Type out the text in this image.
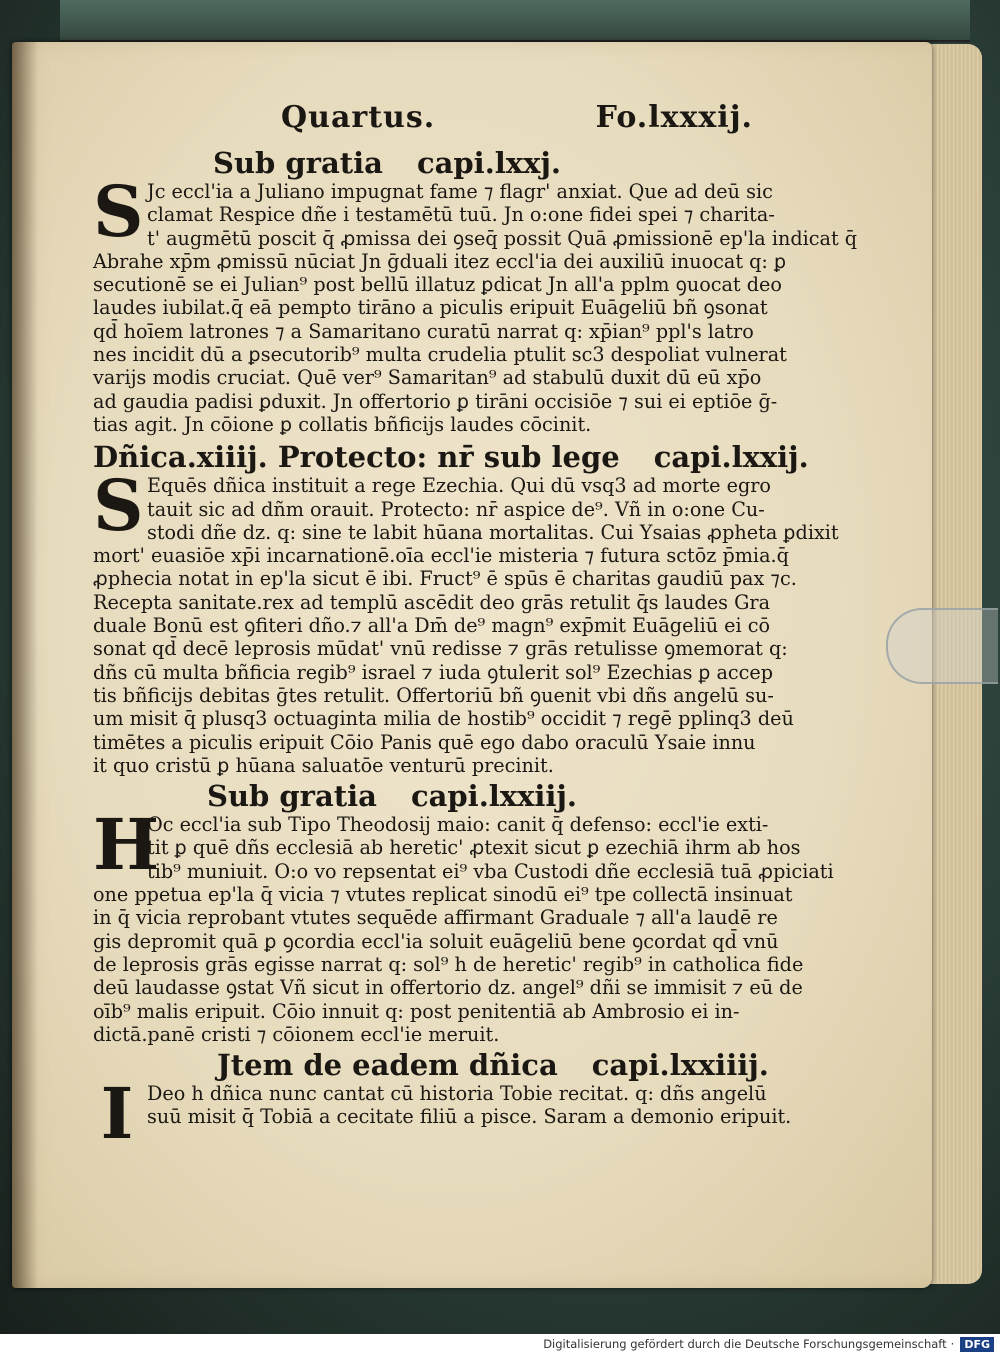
Quartus.	Fo.lxxxij.
Sub gratia capi.lxxj.
S Jc eccl'ia a Juliano impugnat fame ⁊ flagr' anxiat. Que ad deū sic
clamat Respice dñe i testamētū tuū. Jn o:one fidei spei ⁊ charita-
t' augmētū poscit q̄ ꝓmissa dei ꝯseq̄ possit Quā ꝓmissionē ep'la indicat q̄
Abrahe xp̄m ꝓmissū nūciat Jn ḡduali itez eccl'ia dei auxiliū inuocat q: ꝑ
secutionē se ei Julian⁹ post bellū illatuz ꝑdicat Jn all'a pplm ꝯuocat deo
laudes iubilat.q̄ eā pempto tirāno a piculis eripuit Euāgeliū bñ ꝯsonat
qd̄ hoīem latrones ⁊ a Samaritano curatū narrat q: xp̄ian⁹ ppl's latro
nes incidit dū a ꝑsecutorib⁹ multa crudelia ptulit sc3 despoliat vulnerat
varijs modis cruciat. Quē ver⁹ Samaritan⁹ ad stabulū duxit dū eū xp̄o
ad gaudia padisi ꝑduxit. Jn offertorio ꝑ tirāni occisiōe ⁊ sui ei eptiōe ḡ-
tias agit. Jn cōione ꝑ collatis bñficijs laudes cōcinit.
Dñica.xiiij. Protecto: nr̄ sub lege capi.lxxij.
S Equēs dñica instituit a rege Ezechia. Qui dū vsq3 ad morte egro
tauit sic ad dñm orauit. Protecto: nr̄ aspice de⁹. Vñ in o:one Cu-
stodi dñe dz. q: sine te labit hūana mortalitas. Cui Ysaias ꝓpheta ꝑdixit
mort' euasiōe xp̄i incarnationē.oīa eccl'ie misteria ⁊ futura sctōz p̄mia.q̄
ꝓphecia notat in ep'la sicut ē ibi. Fruct⁹ ē spūs ē charitas gaudiū pax ⁊c.
Recepta sanitate.rex ad templū ascēdit deo grās retulit q̄s laudes Gra
duale Bonū est ꝯfiteri dño.⁊ all'a Dm̄ de⁹ magn⁹ exp̄mit Euāgeliū ei cō
sonat qd̄ decē leprosis mūdat' vnū redisse ⁊ grās retulisse ꝯmemorat q:
dñs cū multa bñficia regib⁹ israel ⁊ iuda ꝯtulerit sol⁹ Ezechias ꝑ accep
tis bñficijs debitas ḡtes retulit. Offertoriū bñ ꝯuenit vbi dñs angelū su-
um misit q̄ plusq3 octuaginta milia de hostib⁹ occidit ⁊ regē pplinq3 deū
timētes a piculis eripuit Cōio Panis quē ego dabo oraculū Ysaie innu
it quo cristū ꝑ hūana saluatōe venturū precinit.
Sub gratia capi.lxxiij.
H
Oc eccl'ia sub Tipo Theodosij maio: canit q̄ defenso: eccl'ie exti-
tit ꝑ quē dñs ecclesiā ab heretic' ꝓtexit sicut ꝑ ezechiā ihrm ab hos
tib⁹ muniuit. O:o vo repsentat ei⁹ vba Custodi dñe ecclesiā tuā ꝓpiciati
one ppetua ep'la q̄ vicia ⁊ vtutes replicat sinodū ei⁹ tpe collectā insinuat
in q̄ vicia reprobant vtutes sequēde affirmant Graduale ⁊ all'a laudē re
gis depromit quā ꝑ ꝯcordia eccl'ia soluit euāgeliū bene ꝯcordat qd̄ vnū
de leprosis grās egisse narrat q: sol⁹ h de heretic' regib⁹ in catholica fide
deū laudasse ꝯstat Vñ sicut in offertorio dz. angel⁹ dñi se immisit ⁊ eū de
oīb⁹ malis eripuit. Cōio innuit q: post penitentiā ab Ambrosio ei in-
dictā.panē cristi ⁊ cōionem eccl'ie meruit.
Jtem de eadem dñica capi.lxxiiij.
I Deo h dñica nunc cantat cū historia Tobie recitat. q: dñs angelū
suū misit q̄ Tobiā a cecitate filiū a pisce. Saram a demonio eripuit.
Digitalisierung gefördert durch die Deutsche Forschungsgemeinschaft · DFG
